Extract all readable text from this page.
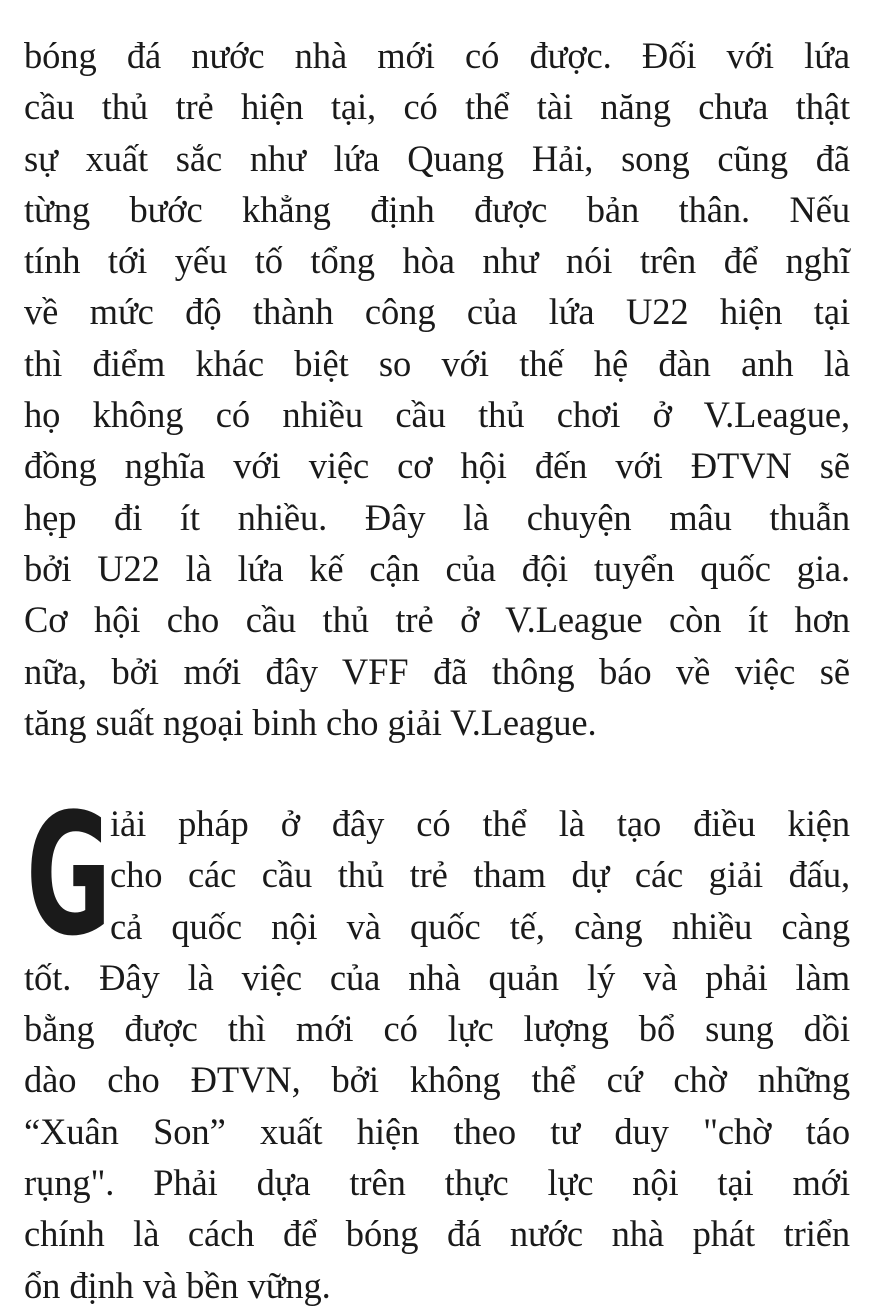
bóng đá nước nhà mới có được. Đối với lứa
cầu thủ trẻ hiện tại, có thể tài năng chưa thật
sự xuất sắc như lứa Quang Hải, song cũng đã
từng bước khẳng định được bản thân. Nếu
tính tới yếu tố tổng hòa như nói trên để nghĩ
về mức độ thành công của lứa U22 hiện tại
thì điểm khác biệt so với thế hệ đàn anh là
họ không có nhiều cầu thủ chơi ở V.League,
đồng nghĩa với việc cơ hội đến với ĐTVN sẽ
hẹp đi ít nhiều. Đây là chuyện mâu thuẫn
bởi U22 là lứa kế cận của đội tuyển quốc gia.
Cơ hội cho cầu thủ trẻ ở V.League còn ít hơn
nữa, bởi mới đây VFF đã thông báo về việc sẽ
tăng suất ngoại binh cho giải V.League.
G
iải pháp ở đây có thể là tạo điều kiện
cho các cầu thủ trẻ tham dự các giải đấu,
cả quốc nội và quốc tế, càng nhiều càng
tốt. Đây là việc của nhà quản lý và phải làm
bằng được thì mới có lực lượng bổ sung dồi
dào cho ĐTVN, bởi không thể cứ chờ những
“Xuân Son” xuất hiện theo tư duy "chờ táo
rụng". Phải dựa trên thực lực nội tại mới
chính là cách để bóng đá nước nhà phát triển
ổn định và bền vững.
